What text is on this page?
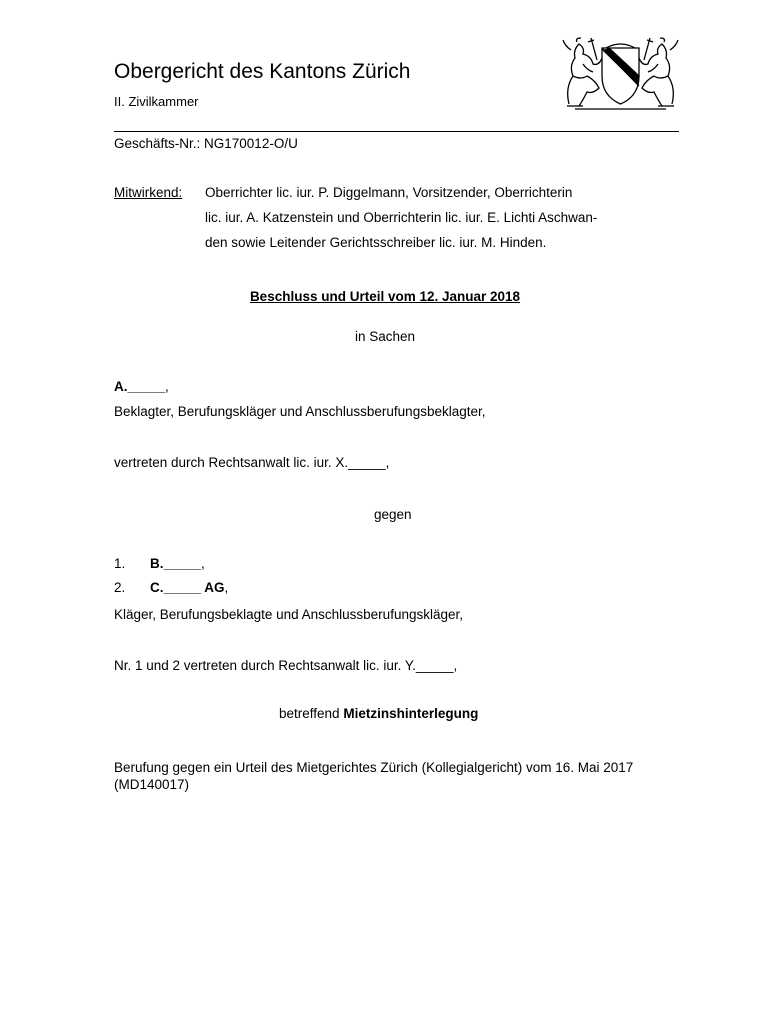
Obergericht des Kantons Zürich
II. Zivilkammer
Geschäfts-Nr.: NG170012-O/U
Mitwirkend: Oberrichter lic. iur. P. Diggelmann, Vorsitzender, Oberrichterin
lic. iur. A. Katzenstein und Oberrichterin lic. iur. E. Lichti Aschwan-
den sowie Leitender Gerichtsschreiber lic. iur. M. Hinden.
Beschluss und Urteil vom 12. Januar 2018
in Sachen
A._____,
Beklagter, Berufungskläger und Anschlussberufungsbeklagter,
vertreten durch Rechtsanwalt lic. iur. X._____,
gegen
1. B._____,
2. C._____ AG,
Kläger, Berufungsbeklagte und Anschlussberufungskläger,
Nr. 1 und 2 vertreten durch Rechtsanwalt lic. iur. Y._____,
betreffend Mietzinshinterlegung
Berufung gegen ein Urteil des Mietgerichtes Zürich (Kollegialgericht) vom 16. Mai 2017 (MD140017)
